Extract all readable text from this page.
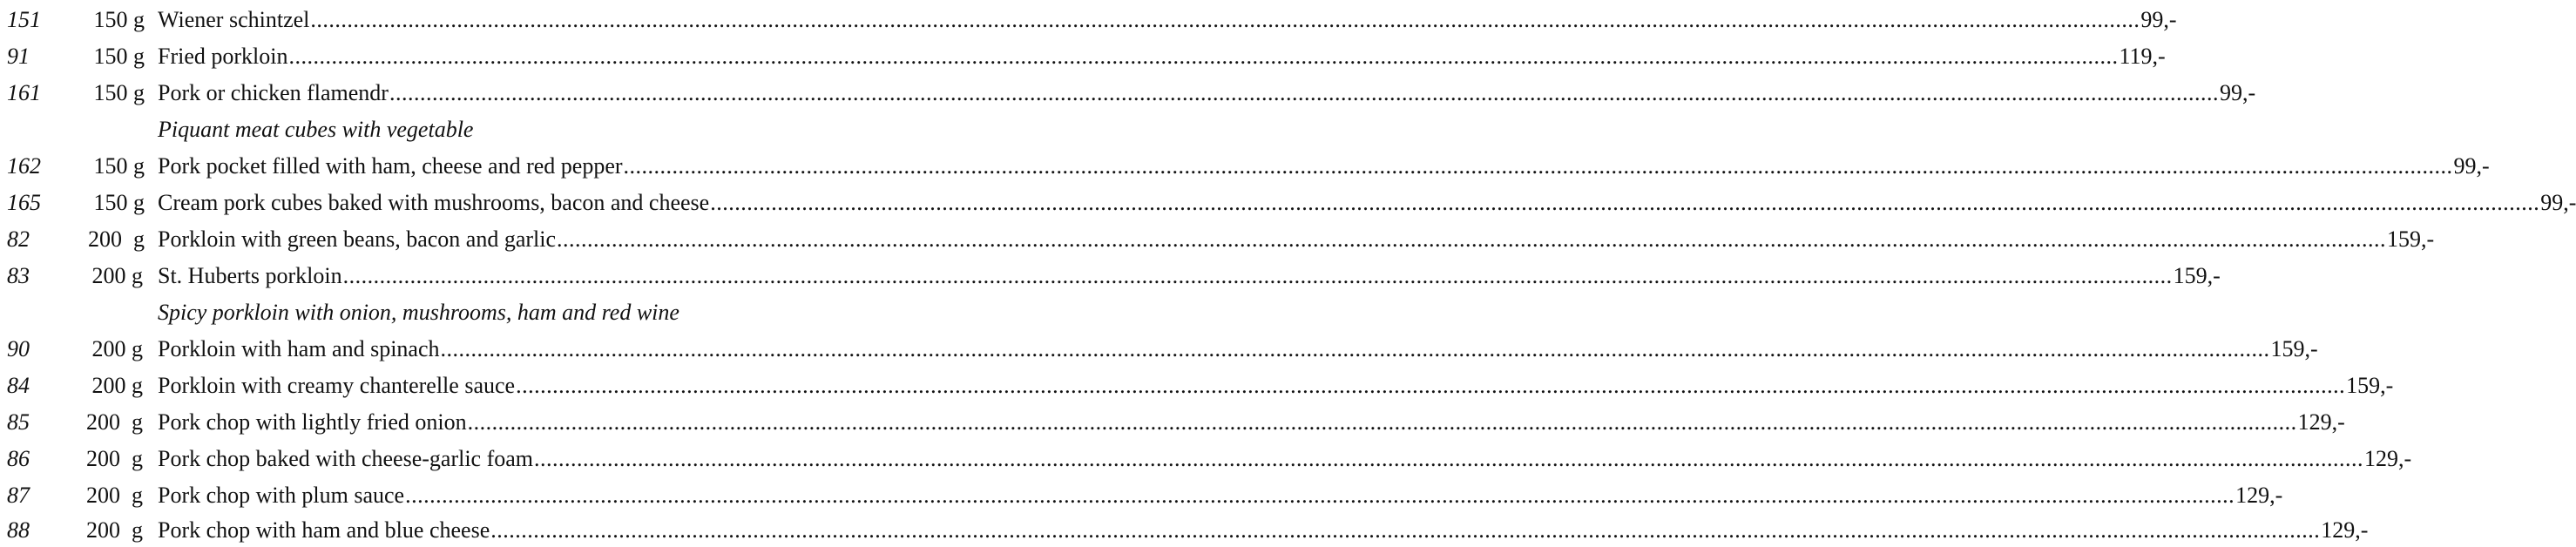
151	150 g Wiener schintzel ............................................................................................................................................................................................................................................................................................................ 99,-
91	150 g Fried porkloin ............................................................................................................................................................................................................................................................................................................ 119,-
161	150 g Pork or chicken flamendr ............................................................................................................................................................................................................................................................................................................ 99,-
Piquant meat cubes with vegetable
162	150 g Pork pocket filled with ham, cheese and red pepper ............................................................................................................................................................................................................................................................................................................ 99,-
165	150 g Cream pork cubes baked with mushrooms, bacon and cheese ............................................................................................................................................................................................................................................................................................................ 99,-
82	200  g Porkloin with green beans, bacon and garlic ............................................................................................................................................................................................................................................................................................................ 159,-
83	200 g St. Huberts porkloin ............................................................................................................................................................................................................................................................................................................ 159,-
Spicy porkloin with onion, mushrooms, ham and red wine
90	200 g Porkloin with ham and spinach ............................................................................................................................................................................................................................................................................................................ 159,-
84	200 g Porkloin with creamy chanterelle sauce ............................................................................................................................................................................................................................................................................................................ 159,-
85	200  g Pork chop with lightly fried onion ............................................................................................................................................................................................................................................................................................................ 129,-
86	200  g Pork chop baked with cheese-garlic foam ............................................................................................................................................................................................................................................................................................................ 129,-
87	200  g Pork chop with plum sauce ............................................................................................................................................................................................................................................................................................................ 129,-
88	200  g Pork chop with ham and blue cheese ............................................................................................................................................................................................................................................................................................................ 129,-
